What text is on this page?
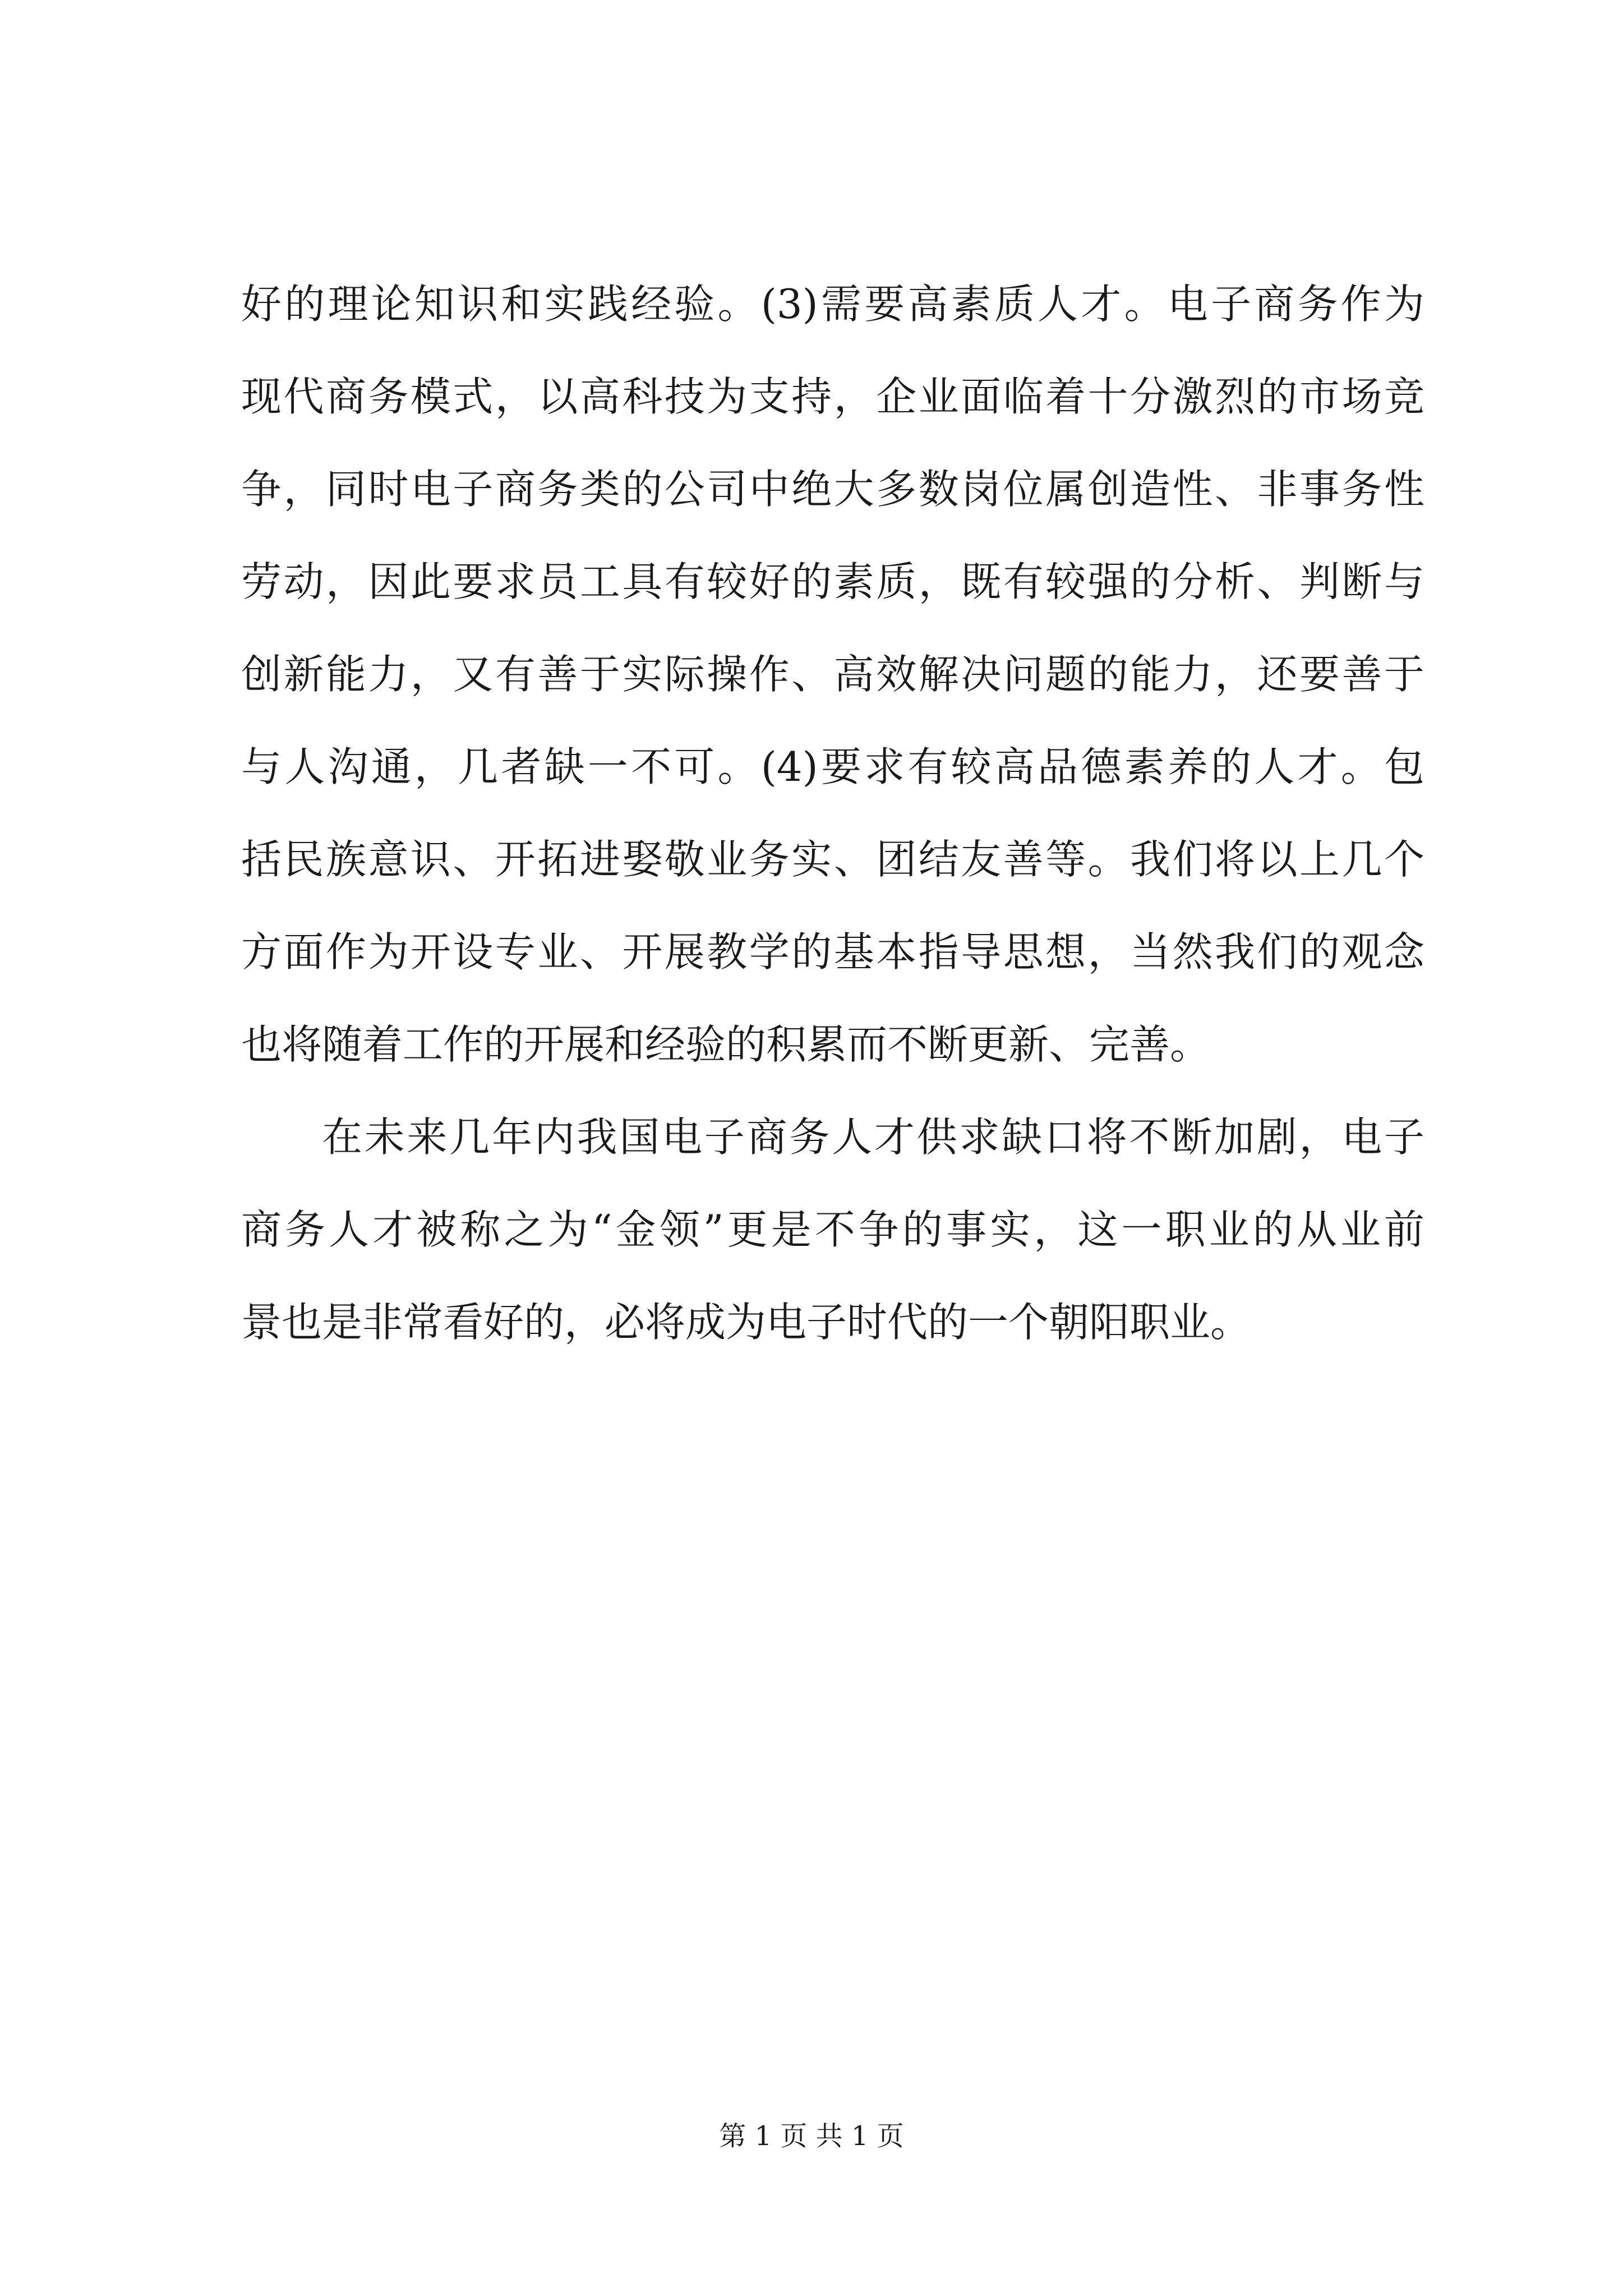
好的理论知识和实践经验。(3)需要高素质人才。电子商务作为
现代商务模式，以高科技为支持，企业面临着十分激烈的市场竞
争，同时电子商务类的公司中绝大多数岗位属创造性、非事务性
劳动，因此要求员工具有较好的素质，既有较强的分析、判断与
创新能力，又有善于实际操作、高效解决问题的能力，还要善于
与人沟通，几者缺一不可。(4)要求有较高品德素养的人才。包
括民族意识、开拓进娶敬业务实、团结友善等。我们将以上几个
方面作为开设专业、开展教学的基本指导思想，当然我们的观念
也将随着工作的开展和经验的积累而不断更新、完善。
在未来几年内我国电子商务人才供求缺口将不断加剧，电子
商务人才被称之为“金领”更是不争的事实，这一职业的从业前
景也是非常看好的，必将成为电子时代的一个朝阳职业。
第 1 页 共 1 页
